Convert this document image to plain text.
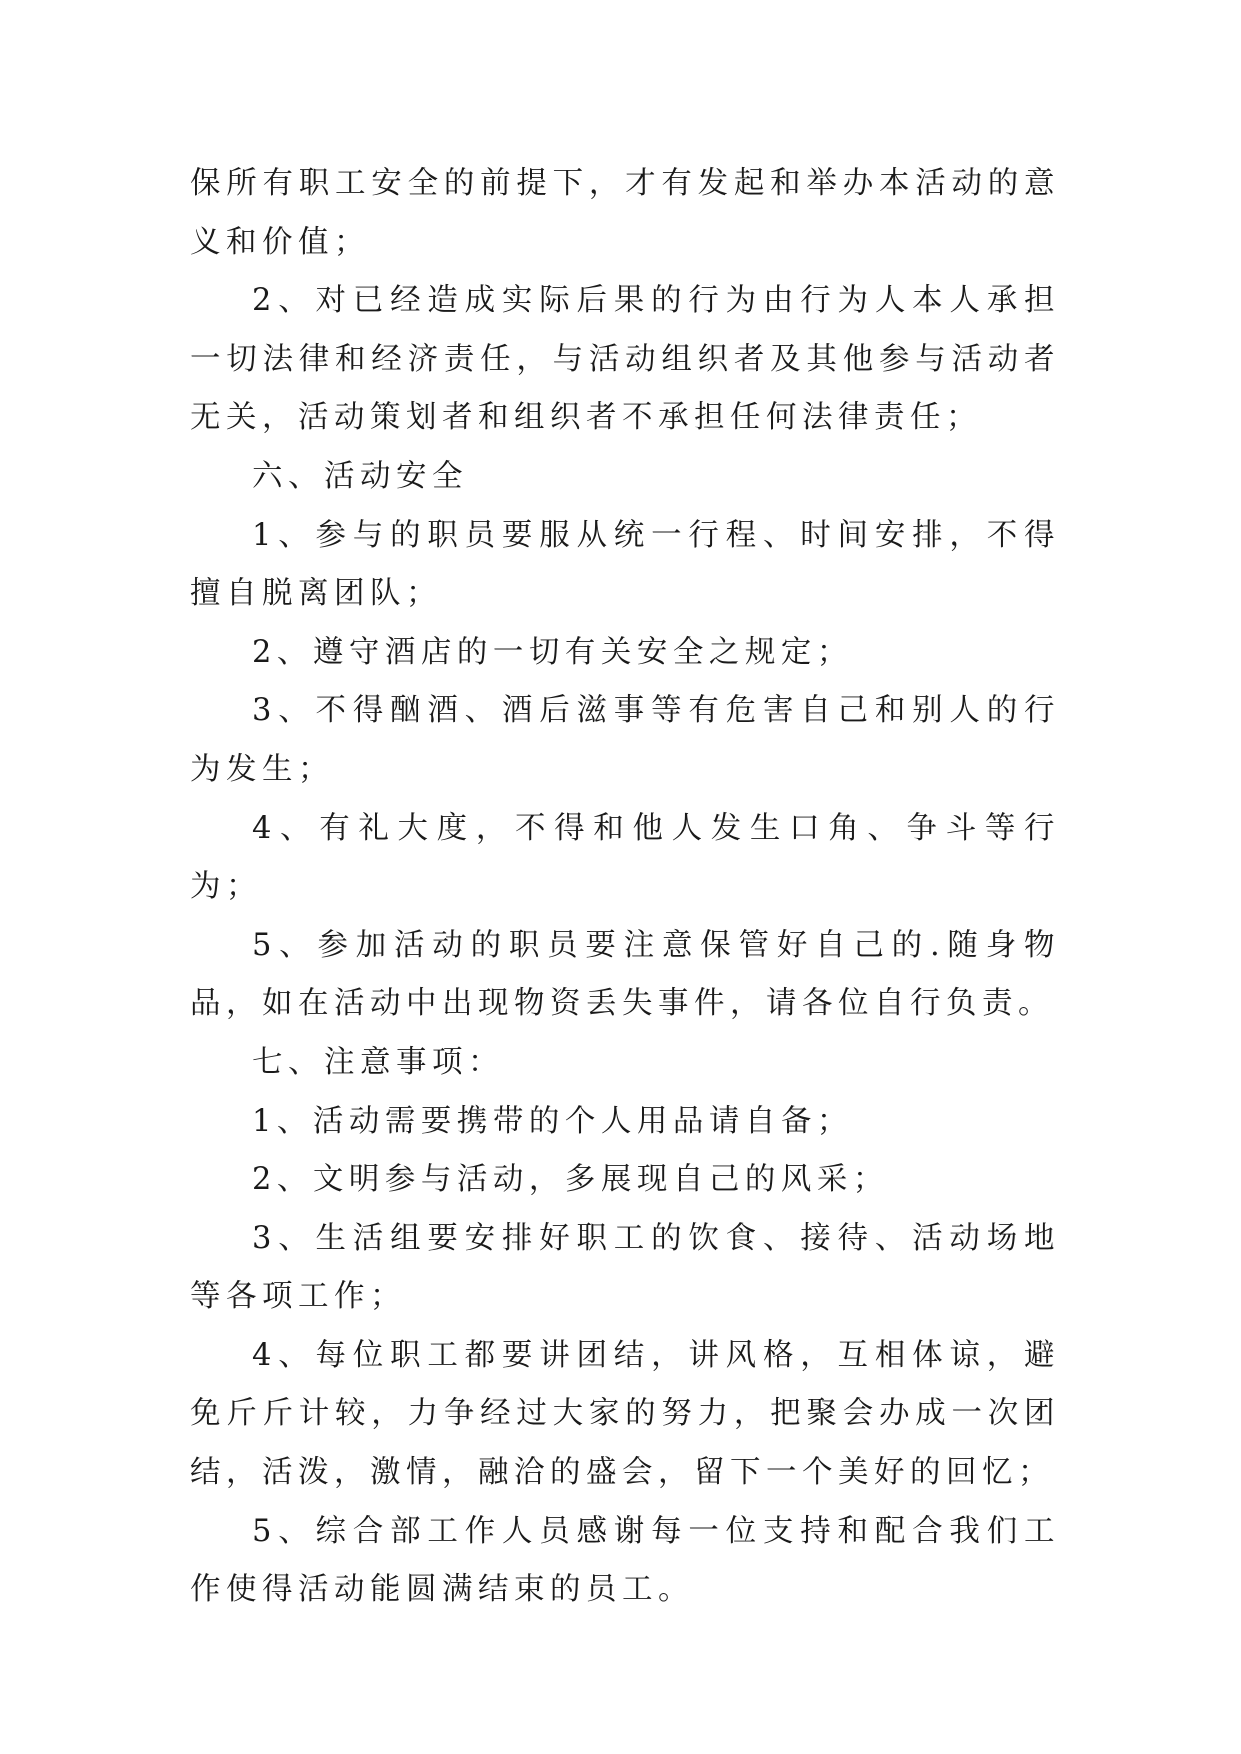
保所有职工安全的前提下，才有发起和举办本活动的意义和价值；

2、对已经造成实际后果的行为由行为人本人承担一切法律和经济责任，与活动组织者及其他参与活动者无关，活动策划者和组织者不承担任何法律责任；

六、活动安全

1、参与的职员要服从统一行程、时间安排，不得擅自脱离团队；

2、遵守酒店的一切有关安全之规定；

3、不得酗酒、酒后滋事等有危害自己和别人的行为发生；

4、有礼大度，不得和他人发生口角、争斗等行为；

5、参加活动的职员要注意保管好自己的.随身物品，如在活动中出现物资丢失事件，请各位自行负责。

七、注意事项：

1、活动需要携带的个人用品请自备；

2、文明参与活动，多展现自己的风采；

3、生活组要安排好职工的饮食、接待、活动场地等各项工作；

4、每位职工都要讲团结，讲风格，互相体谅，避免斤斤计较，力争经过大家的努力，把聚会办成一次团结，活泼，激情，融洽的盛会，留下一个美好的回忆；

5、综合部工作人员感谢每一位支持和配合我们工作使得活动能圆满结束的员工。
